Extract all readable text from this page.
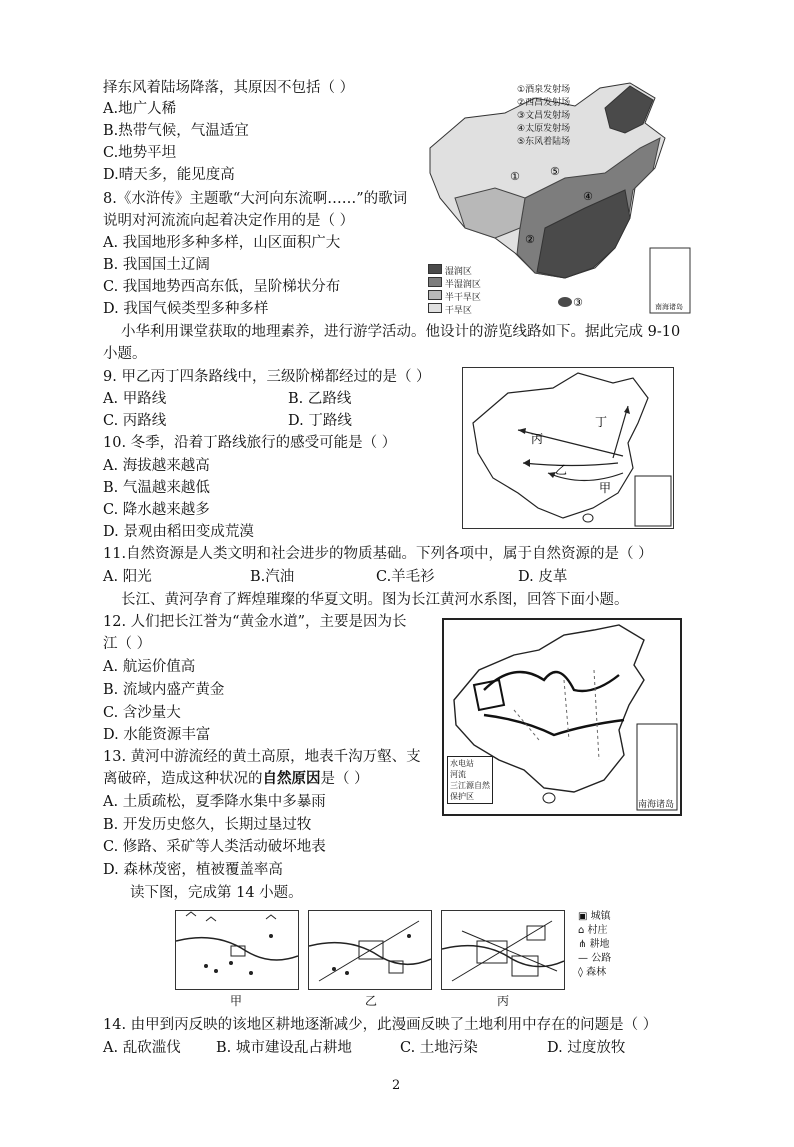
择东风着陆场降落，其原因不包括（ ）
A.地广人稀
B.热带气候，气温适宜
C.地势平坦
D.晴天多，能见度高	①
②
③
④
⑤
①酒泉发射场
②西昌发射场
③文昌发射场
④太原发射场
⑤东风着陆场
湿润区
半湿润区
半干旱区
干旱区	南海诸岛
8.《水浒传》主题歌“大河向东流啊……”的歌词
说明对河流流向起着决定作用的是（ ）
A. 我国地形多种多样，山区面积广大
B. 我国国土辽阔
C. 我国地势西高东低，呈阶梯状分布
D. 我国气候类型多种多样
小华利用课堂获取的地理素养，进行游学活动。他设计的游览线路如下。据此完成 9-10
小题。
9. 甲乙丙丁四条路线中，三级阶梯都经过的是（ ）
A. 甲路线	B. 乙路线
C. 丙路线	D. 丁路线
丙
丁
乙
甲
10. 冬季，沿着丁路线旅行的感受可能是（ ）
A. 海拔越来越高
B. 气温越来越低
C. 降水越来越多
D. 景观由稻田变成荒漠
11.自然资源是人类文明和社会进步的物质基础。下列各项中，属于自然资源的是（ ）
A. 阳光	B.汽油	C.羊毛衫	D. 皮革
长江、黄河孕育了辉煌璀璨的华夏文明。图为长江黄河水系图，回答下面小题。
12. 人们把长江誉为“黄金水道”，主要是因为长
江（ ）
A. 航运价值高
B. 流域内盛产黄金
C. 含沙量大
D. 水能资源丰富
水电站
河流
三江源自然保护区
南海诸岛
13. 黄河中游流经的黄土高原，地表千沟万壑、支
离破碎，造成这种状况的自然原因是（ ）
A. 土质疏松，夏季降水集中多暴雨
B. 开发历史悠久，长期过垦过牧
C. 修路、采矿等人类活动破坏地表
D. 森林茂密，植被覆盖率高
读下图，完成第 14 小题。
甲	乙	丙
▣ 城镇
⌂ 村庄
⋔ 耕地
— 公路
◊ 森林
14. 由甲到丙反映的该地区耕地逐渐减少，此漫画反映了土地利用中存在的问题是（ ）
A. 乱砍滥伐 B. 城市建设乱占耕地	C. 土地污染	D. 过度放牧
2
